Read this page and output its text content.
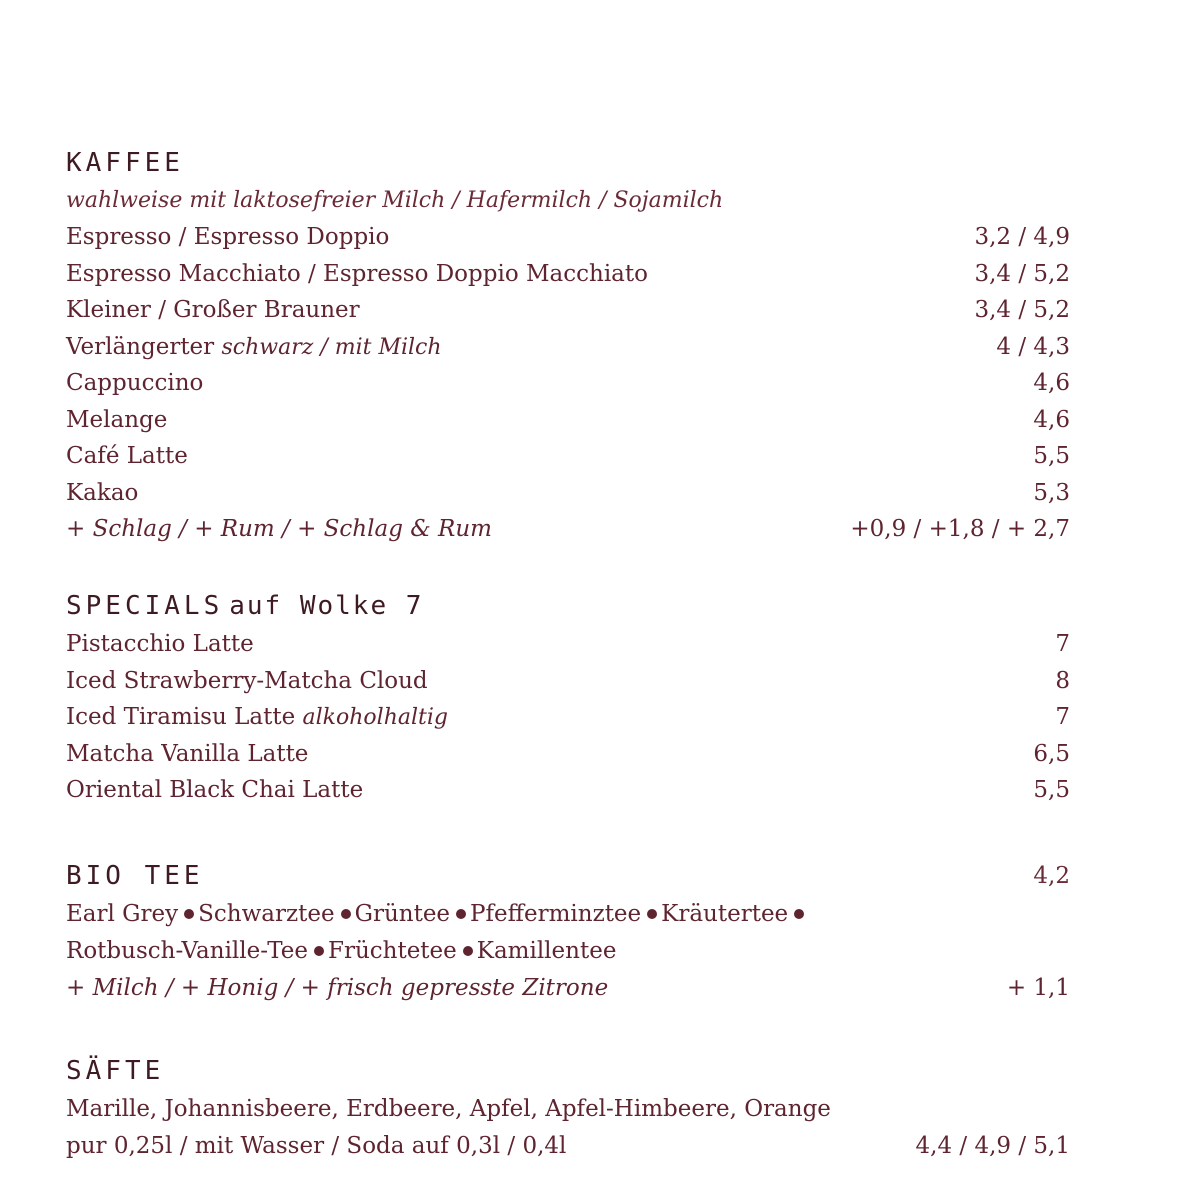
KAFFEE
wahlweise mit laktosefreier Milch / Hafermilch / Sojamilch
Espresso / Espresso Doppio	3,2 / 4,9
Espresso Macchiato / Espresso Doppio Macchiato	3,4 / 5,2
Kleiner / Großer Brauner	3,4 / 5,2
Verlängerter schwarz / mit Milch	4 / 4,3
Cappuccino	4,6
Melange	4,6
Café Latte	5,5
Kakao	5,3
+ Schlag / + Rum / + Schlag & Rum	+0,9 / +1,8 / + 2,7
SPECIALS auf Wolke 7
Pistacchio Latte	7
Iced Strawberry-Matcha Cloud	8
Iced Tiramisu Latte alkoholhaltig	7
Matcha Vanilla Latte	6,5
Oriental Black Chai Latte	5,5
BIO TEE	4,2
Earl Grey Schwarztee Grüntee Pfefferminztee Kräutertee
Rotbusch-Vanille-Tee Früchtetee Kamillentee
+ Milch / + Honig / + frisch gepresste Zitrone	+ 1,1
SÄFTE
Marille, Johannisbeere, Erdbeere, Apfel, Apfel-Himbeere, Orange
pur 0,25l / mit Wasser / Soda auf 0,3l / 0,4l	4,4 / 4,9 / 5,1
